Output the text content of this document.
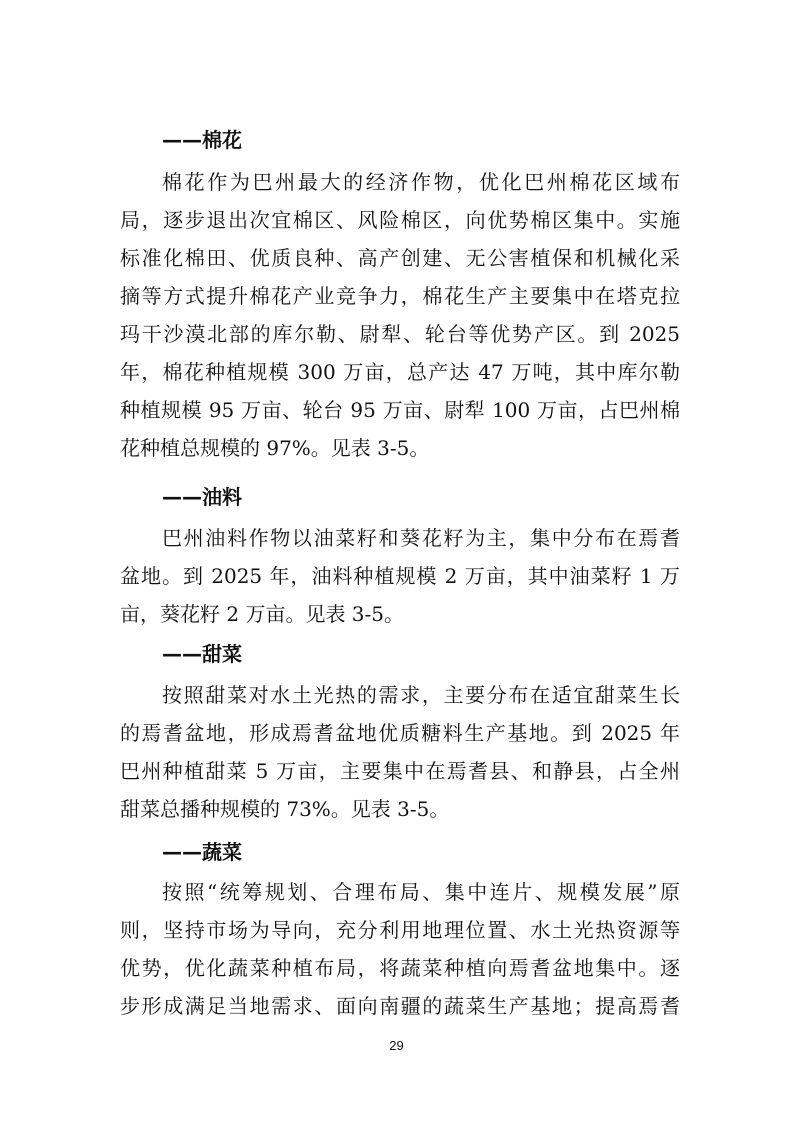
——棉花
棉花作为巴州最大的经济作物，优化巴州棉花区域布
局，逐步退出次宜棉区、风险棉区，向优势棉区集中。实施
标准化棉田、优质良种、高产创建、无公害植保和机械化采
摘等方式提升棉花产业竞争力，棉花生产主要集中在塔克拉
玛干沙漠北部的库尔勒、尉犁、轮台等优势产区。到 2025
年，棉花种植规模 300 万亩，总产达 47 万吨，其中库尔勒
种植规模 95 万亩、轮台 95 万亩、尉犁 100 万亩，占巴州棉
花种植总规模的 97%。见表 3-5。
——油料
巴州油料作物以油菜籽和葵花籽为主，集中分布在焉耆
盆地。到 2025 年，油料种植规模 2 万亩，其中油菜籽 1 万
亩，葵花籽 2 万亩。见表 3-5。
——甜菜
按照甜菜对水土光热的需求，主要分布在适宜甜菜生长
的焉耆盆地，形成焉耆盆地优质糖料生产基地。到 2025 年
巴州种植甜菜 5 万亩，主要集中在焉耆县、和静县，占全州
甜菜总播种规模的 73%。见表 3-5。
——蔬菜
按照“统筹规划、合理布局、集中连片、规模发展”原
则，坚持市场为导向，充分利用地理位置、水土光热资源等
优势，优化蔬菜种植布局，将蔬菜种植向焉耆盆地集中。逐
步形成满足当地需求、面向南疆的蔬菜生产基地；提高焉耆
29
